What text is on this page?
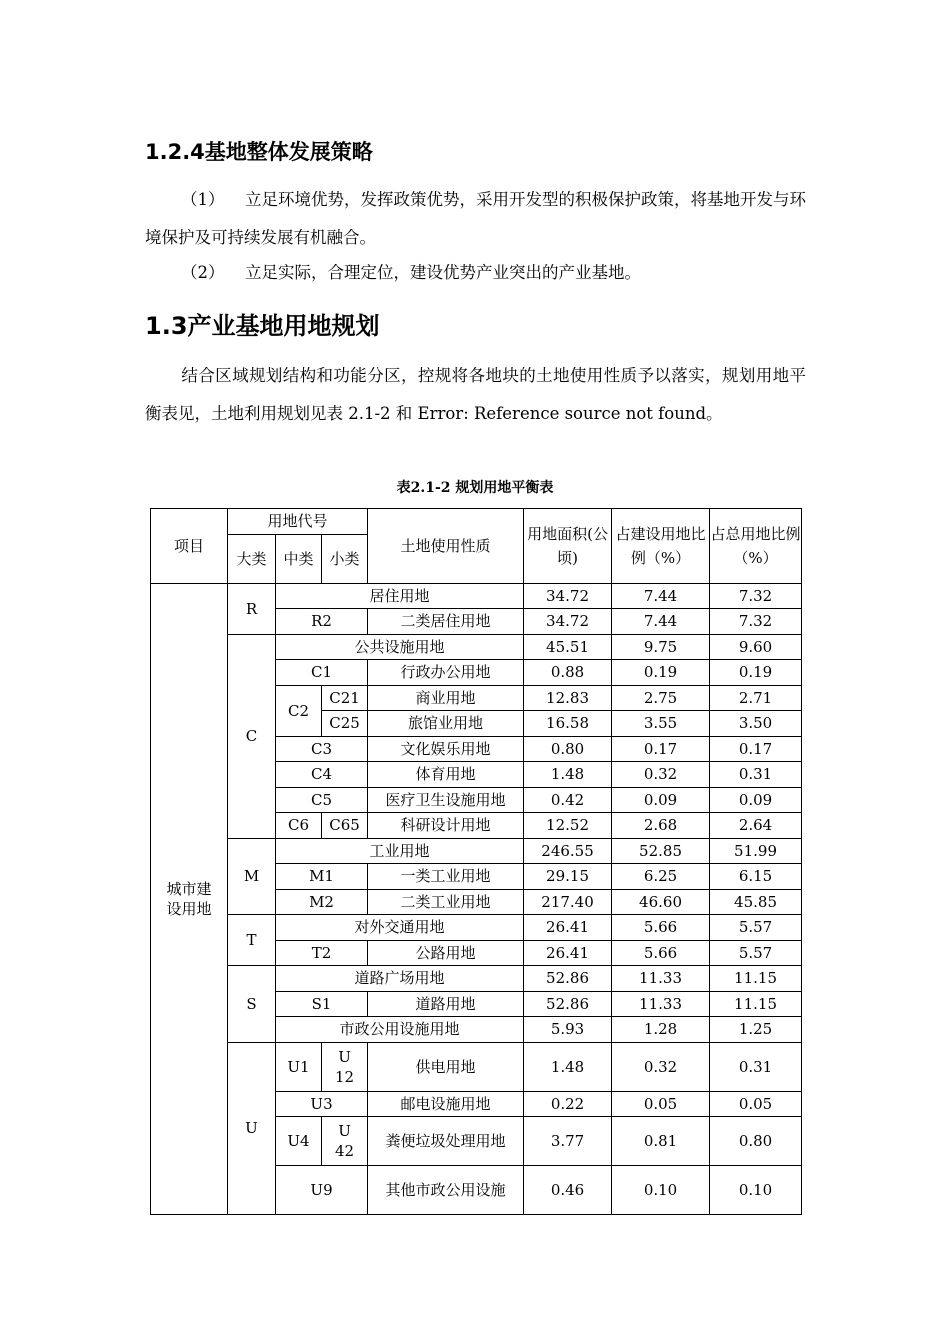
1.2.4基地整体发展策略
（1） 立足环境优势，发挥政策优势，采用开发型的积极保护政策，将基地开发与环境保护及可持续发展有机融合。
（2） 立足实际，合理定位，建设优势产业突出的产业基地。
1.3产业基地用地规划
结合区域规划结构和功能分区，控规将各地块的土地使用性质予以落实，规划用地平衡表见，土地利用规划见表 2.1-2 和 Error: Reference source not found。
表2.1-2 规划用地平衡表
项目	用地代号			土地使用性质	用地面积(公顷)	占建设用地比例（%）	占总用地比例（%）
	大类	中类	小类				
城市建设用地	R	居住用地			34.72	7.44	7.32
		R2		二类居住用地	34.72	7.44	7.32
	C	公共设施用地			45.51	9.75	9.60
		C1		行政办公用地	0.88	0.19	0.19
		C2	C21	商业用地	12.83	2.75	2.71
			C25	旅馆业用地	16.58	3.55	3.50
		C3		文化娱乐用地	0.80	0.17	0.17
		C4		体育用地	1.48	0.32	0.31
		C5		医疗卫生设施用地	0.42	0.09	0.09
		C6	C65	科研设计用地	12.52	2.68	2.64
	M	工业用地			246.55	52.85	51.99
		M1		一类工业用地	29.15	6.25	6.15
		M2		二类工业用地	217.40	46.60	45.85
	T	对外交通用地			26.41	5.66	5.57
		T2		公路用地	26.41	5.66	5.57
	S	道路广场用地			52.86	11.33	11.15
		S1		道路用地	52.86	11.33	11.15
		市政公用设施用地			5.93	1.28	1.25
	U	U1	U12	供电用地	1.48	0.32	0.31
		U3		邮电设施用地	0.22	0.05	0.05
		U4	U42	粪便垃圾处理用地	3.77	0.81	0.80
		U9		其他市政公用设施	0.46	0.10	0.10
